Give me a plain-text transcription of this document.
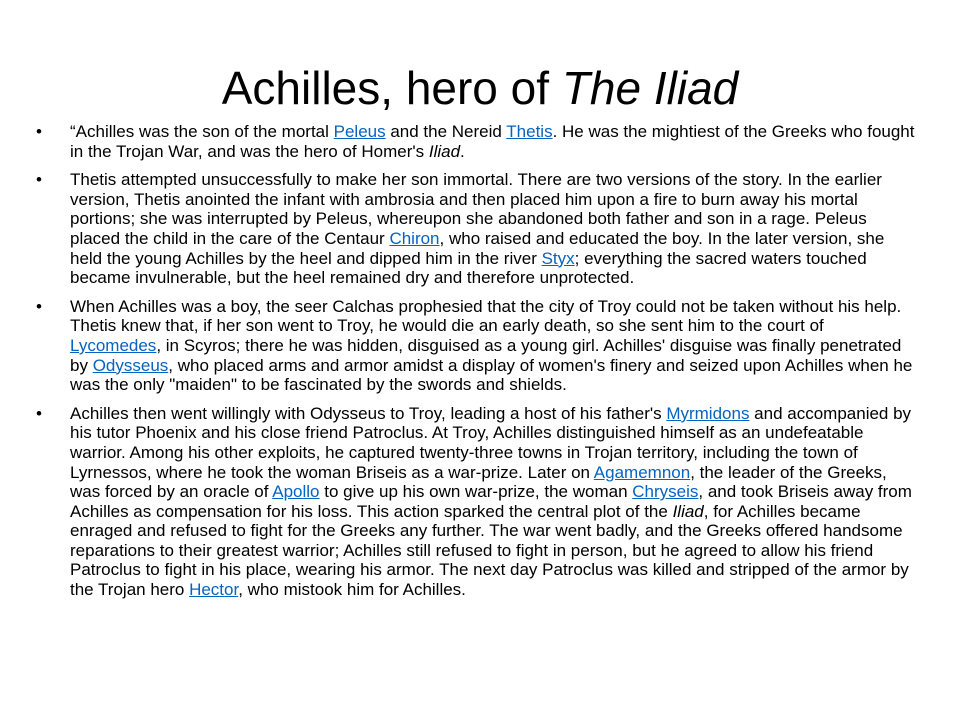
Achilles, hero of The Iliad
• “Achilles was the son of the mortal Peleus and the Nereid Thetis. He was the mightiest of the Greeks who fought in the Trojan War, and was the hero of Homer's Iliad.
• Thetis attempted unsuccessfully to make her son immortal. There are two versions of the story. In the earlier version, Thetis anointed the infant with ambrosia and then placed him upon a fire to burn away his mortal portions; she was interrupted by Peleus, whereupon she abandoned both father and son in a rage. Peleus placed the child in the care of the Centaur Chiron, who raised and educated the boy. In the later version, she held the young Achilles by the heel and dipped him in the river Styx; everything the sacred waters touched became invulnerable, but the heel remained dry and therefore unprotected.
• When Achilles was a boy, the seer Calchas prophesied that the city of Troy could not be taken without his help. Thetis knew that, if her son went to Troy, he would die an early death, so she sent him to the court of Lycomedes, in Scyros; there he was hidden, disguised as a young girl. Achilles' disguise was finally penetrated by Odysseus, who placed arms and armor amidst a display of women's finery and seized upon Achilles when he was the only "maiden" to be fascinated by the swords and shields.
• Achilles then went willingly with Odysseus to Troy, leading a host of his father's Myrmidons and accompanied by his tutor Phoenix and his close friend Patroclus. At Troy, Achilles distinguished himself as an undefeatable warrior. Among his other exploits, he captured twenty-three towns in Trojan territory, including the town of Lyrnessos, where he took the woman Briseis as a war-prize. Later on Agamemnon, the leader of the Greeks, was forced by an oracle of Apollo to give up his own war-prize, the woman Chryseis, and took Briseis away from Achilles as compensation for his loss. This action sparked the central plot of the Iliad, for Achilles became enraged and refused to fight for the Greeks any further. The war went badly, and the Greeks offered handsome reparations to their greatest warrior; Achilles still refused to fight in person, but he agreed to allow his friend Patroclus to fight in his place, wearing his armor. The next day Patroclus was killed and stripped of the armor by the Trojan hero Hector, who mistook him for Achilles.
